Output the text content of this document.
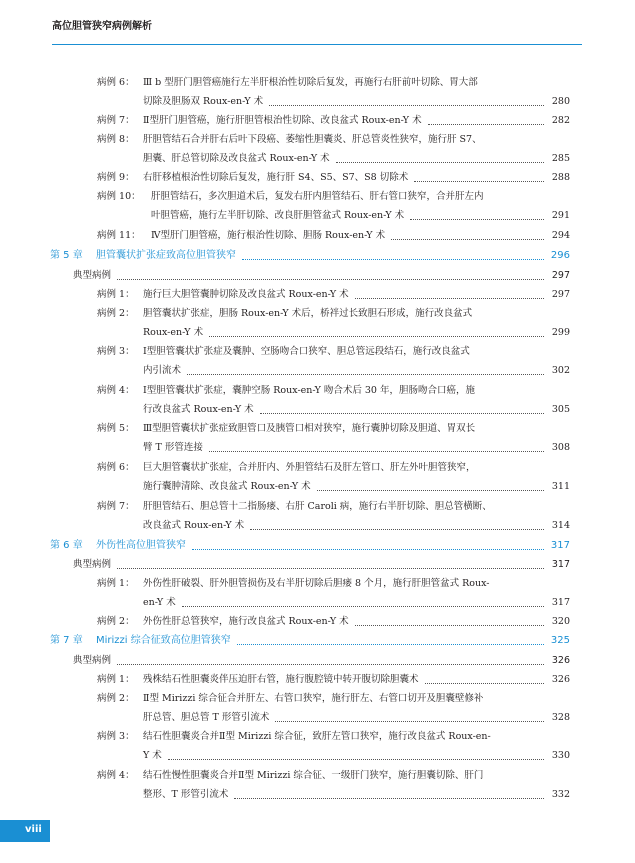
高位胆管狭窄病例解析
病例 6： Ⅲ b 型肝门胆管癌施行左半肝根治性切除后复发，再施行右肝前叶切除、胃大部
切除及胆肠双 Roux-en-Y 术	280
病例 7： Ⅱ型肝门胆管癌，施行肝胆管根治性切除、改良盆式 Roux-en-Y 术	282
病例 8： 肝胆管结石合并肝右后叶下段癌、萎缩性胆囊炎、肝总管炎性狭窄，施行肝 S7、
胆囊、肝总管切除及改良盆式 Roux-en-Y 术	285
病例 9： 右肝移植根治性切除后复发，施行肝 S4、S5、S7、S8 切除术	288
病例 10： 肝胆管结石，多次胆道术后，复发右肝内胆管结石、肝右管口狭窄，合并肝左内
叶胆管癌，施行左半肝切除、改良肝胆管盆式 Roux-en-Y 术	291
病例 11： Ⅳ型肝门胆管癌，施行根治性切除、胆肠 Roux-en-Y 术	294
第 5 章 胆管囊状扩张症致高位胆管狭窄	296
典型病例	297
病例 1： 施行巨大胆管囊肿切除及改良盆式 Roux-en-Y 术	297
病例 2： 胆管囊状扩张症，胆肠 Roux-en-Y 术后，桥袢过长致胆石形成，施行改良盆式
Roux-en-Y 术	299
病例 3： Ⅰ型胆管囊状扩张症及囊肿、空肠吻合口狭窄、胆总管远段结石，施行改良盆式
内引流术	302
病例 4： Ⅰ型胆管囊状扩张症，囊肿空肠 Roux-en-Y 吻合术后 30 年，胆肠吻合口癌，施
行改良盆式 Roux-en-Y 术	305
病例 5： Ⅲ型胆管囊状扩张症致胆管口及胰管口相对狭窄，施行囊肿切除及胆道、胃双长
臂 T 形管连接	308
病例 6： 巨大胆管囊状扩张症，合并肝内、外胆管结石及肝左管口、肝左外叶胆管狭窄，
施行囊肿清除、改良盆式 Roux-en-Y 术	311
病例 7： 肝胆管结石、胆总管十二指肠瘘、右肝 Caroli 病，施行右半肝切除、胆总管横断、
改良盆式 Roux-en-Y 术	314
第 6 章 外伤性高位胆管狭窄	317
典型病例	317
病例 1： 外伤性肝破裂、肝外胆管损伤及右半肝切除后胆瘘 8 个月，施行肝胆管盆式 Roux-
en-Y 术	317
病例 2： 外伤性肝总管狭窄，施行改良盆式 Roux-en-Y 术	320
第 7 章 Mirizzi 综合征致高位胆管狭窄	325
典型病例	326
病例 1： 残株结石性胆囊炎伴压迫肝右管，施行腹腔镜中转开腹切除胆囊术	326
病例 2： Ⅱ型 Mirizzi 综合征合并肝左、右管口狭窄，施行肝左、右管口切开及胆囊壁修补
肝总管、胆总管 T 形管引流术	328
病例 3： 结石性胆囊炎合并Ⅱ型 Mirizzi 综合征，致肝左管口狭窄，施行改良盆式 Roux-en-
Y 术	330
病例 4： 结石性慢性胆囊炎合并Ⅱ型 Mirizzi 综合征、一级肝门狭窄，施行胆囊切除、肝门
整形、T 形管引流术	332
viii
